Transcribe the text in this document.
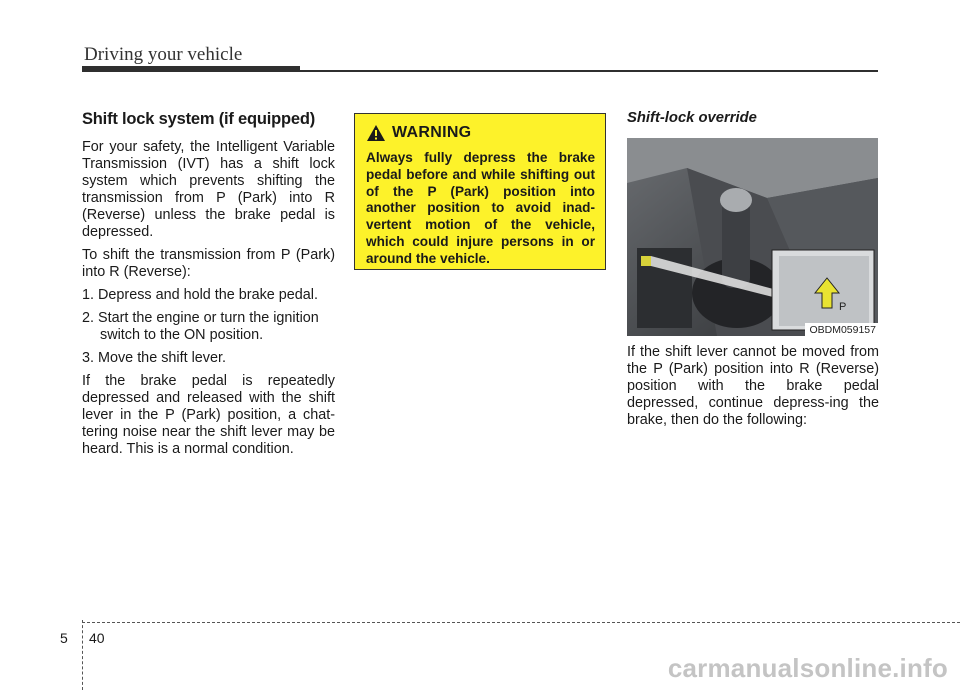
Driving your vehicle
Shift lock system (if equipped)

For your safety, the Intelligent Variable Transmission (IVT) has a shift lock system which prevents shifting the transmission from P (Park) into R (Reverse) unless the brake pedal is depressed.

To shift the transmission from P (Park) into R (Reverse):

1. Depress and hold the brake pedal.
2. Start the engine or turn the ignition switch to the ON position.
3. Move the shift lever.

If the brake pedal is repeatedly depressed and released with the shift lever in the P (Park) position, a chat-tering noise near the shift lever may be heard. This is a normal condition.

WARNING
Always fully depress the brake pedal before and while shifting out of the P (Park) position into another position to avoid inad-vertent motion of the vehicle, which could injure persons in or around the vehicle.
Shift-lock override
P
OBDM059157

If the shift lever cannot be moved from the P (Park) position into R (Reverse) position with the brake pedal depressed, continue depress-ing the brake, then do the following:

5 40
carmanualsonline.info
